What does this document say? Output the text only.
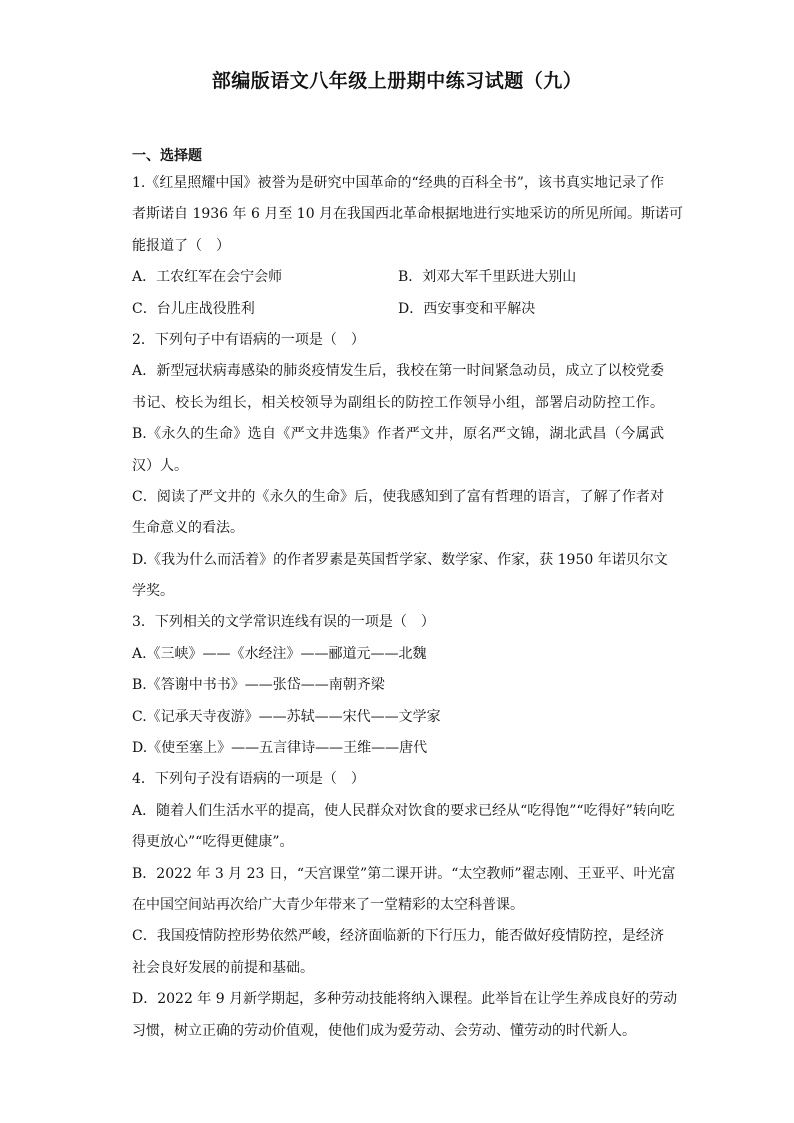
部编版语文八年级上册期中练习试题（九）

一、选择题

1.《红星照耀中国》被誉为是研究中国革命的“经典的百科全书”，该书真实地记录了作

者斯诺自 1936 年 6 月至 10 月在我国西北革命根据地进行实地采访的所见所闻。斯诺可

能报道了（　）

A．工农红军在会宁会师	B．刘邓大军千里跃进大别山
C．台儿庄战役胜利	D．西安事变和平解决

2．下列句子中有语病的一项是（　）

A．新型冠状病毒感染的肺炎疫情发生后，我校在第一时间紧急动员，成立了以校党委

书记、校长为组长，相关校领导为副组长的防控工作领导小组，部署启动防控工作。

B.《永久的生命》选自《严文井选集》作者严文井，原名严文锦，湖北武昌（今属武

汉）人。

C．阅读了严文井的《永久的生命》后，使我感知到了富有哲理的语言，了解了作者对

生命意义的看法。

D.《我为什么而活着》的作者罗素是英国哲学家、数学家、作家，获 1950 年诺贝尔文

学奖。

3．下列相关的文学常识连线有误的一项是（　）

A.《三峡》——《水经注》——郦道元——北魏

B.《答谢中书书》——张岱——南朝齐梁

C.《记承天寺夜游》——苏轼——宋代——文学家

D.《使至塞上》——五言律诗——王维——唐代

4．下列句子没有语病的一项是（　）

A．随着人们生活水平的提高，使人民群众对饮食的要求已经从“吃得饱”“吃得好”转向吃

得更放心”“吃得更健康”。

B．2022 年 3 月 23 日，“天宫课堂”第二课开讲。“太空教师”翟志刚、王亚平、叶光富

在中国空间站再次给广大青少年带来了一堂精彩的太空科普课。

C．我国疫情防控形势依然严峻，经济面临新的下行压力，能否做好疫情防控，是经济

社会良好发展的前提和基础。

D．2022 年 9 月新学期起，多种劳动技能将纳入课程。此举旨在让学生养成良好的劳动

习惯，树立正确的劳动价值观，使他们成为爱劳动、会劳动、懂劳动的时代新人。
